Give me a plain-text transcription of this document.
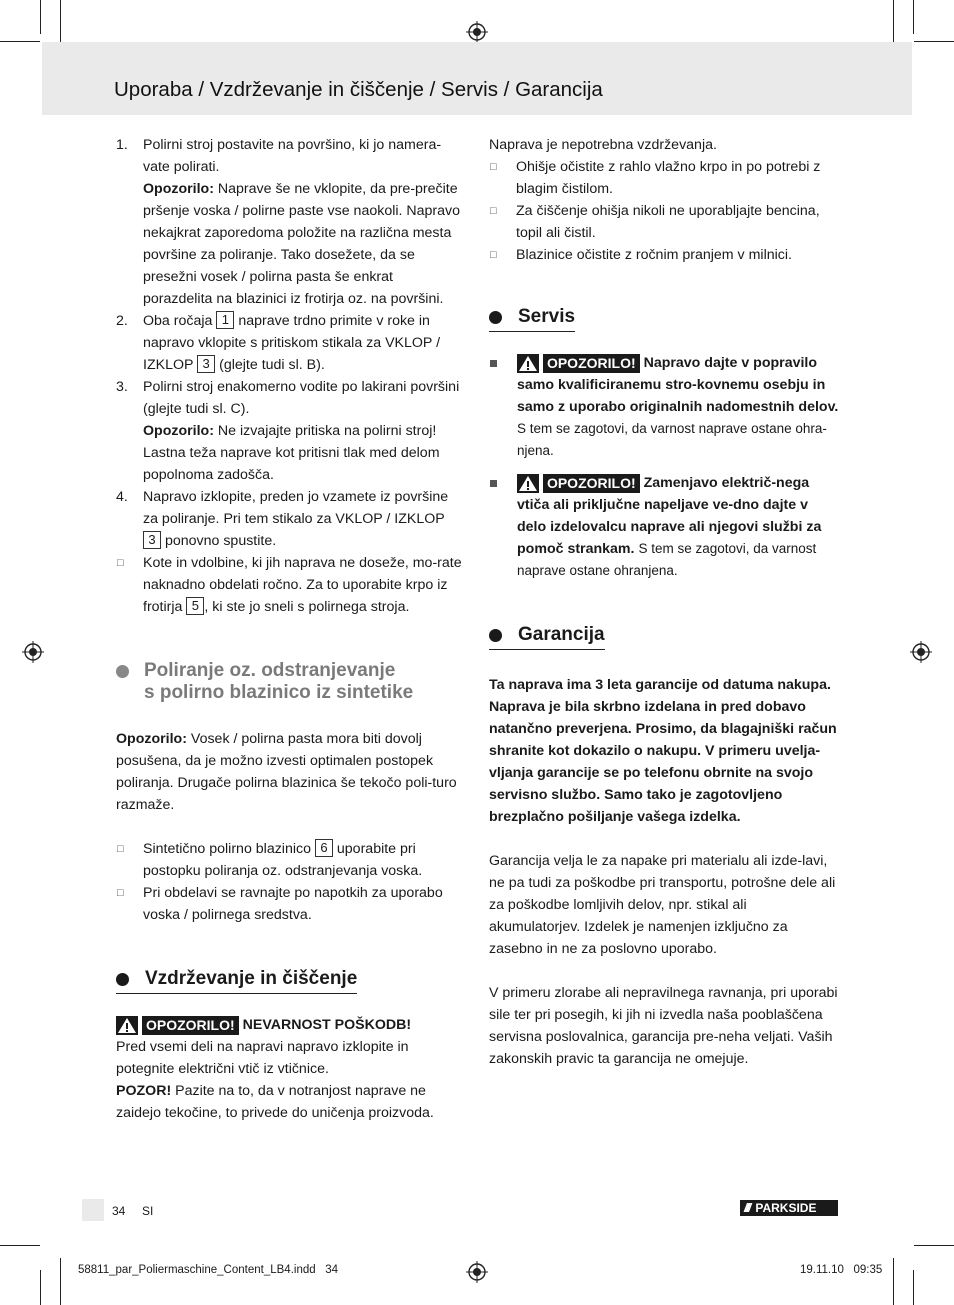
Uporaba / Vzdrževanje in čiščenje / Servis / Garancija
1. Polirni stroj postavite na površino, ki jo namera-vate polirati.

Opozorilo: Naprave še ne vklopite, da pre-prečite pršenje voska / polirne paste vse naokoli. Napravo nekajkrat zaporedoma položite na različna mesta površine za poliranje. Tako dosežete, da se presežni vosek / polirna pasta še enkrat porazdelita na blazinici iz frotirja oz. na površini.

2. Oba ročaja 1 naprave trdno primite v roke in napravo vklopite s pritiskom stikala za VKLOP / IZKLOP 3 (glejte tudi sl. B).

3. Polirni stroj enakomerno vodite po lakirani površini (glejte tudi sl. C).

Opozorilo: Ne izvajajte pritiska na polirni stroj! Lastna teža naprave kot pritisni tlak med delom popolnoma zadošča.

4. Napravo izklopite, preden jo vzamete iz površine za poliranje. Pri tem stikalo za VKLOP / IZKLOP 3 ponovno spustite.

□ Kote in vdolbine, ki jih naprava ne doseže, mo-rate naknadno obdelati ročno. Za to uporabite krpo iz frotirja 5 , ki ste jo sneli s polirnega stroja.

Poliranje oz. odstranjevanje
s polirno blazinico iz sintetike

Opozorilo: Vosek / polirna pasta mora biti dovolj posušena, da je možno izvesti optimalen postopek poliranja. Drugače polirna blazinica še tekočo poli-turo razmaže.

□ Sintetično polirno blazinico 6 uporabite pri postopku poliranja oz. odstranjevanja voska.

□ Pri obdelavi se ravnajte po napotkih za uporabo voska / polirnega sredstva.

Vzdrževanje in čiščenje
OPOZORILO! NEVARNOST POŠKODB!

Pred vsemi deli na napravi napravo izklopite in potegnite električni vtič iz vtičnice.

POZOR! Pazite na to, da v notranjost naprave ne zaidejo tekočine, to privede do uničenja proizvoda.

Naprava je nepotrebna vzdrževanja.

□ Ohišje očistite z rahlo vlažno krpo in po potrebi z blagim čistilom.

□ Za čiščenje ohišja nikoli ne uporabljajte bencina, topil ali čistil.

□ Blazinice očistite z ročnim pranjem v milnici.

Servis

OPOZORILO! Napravo dajte v popravilo samo kvalificiranemu stro-kovnemu osebju in samo z uporabo originalnih nadomestnih delov. S tem se zagotovi, da varnost naprave ostane ohra-njena.

OPOZORILO! Zamenjavo električ-nega vtiča ali priključne napeljave ve-dno dajte v delo izdelovalcu naprave ali njegovi službi za pomoč strankam. S tem se zagotovi, da varnost naprave ostane ohranjena.

Garancija

Ta naprava ima 3 leta garancije od datuma nakupa. Naprava je bila skrbno izdelana in pred dobavo natančno preverjena. Prosimo, da blagajniški račun shranite kot dokazilo o nakupu. V primeru uvelja-vljanja garancije se po telefonu obrnite na svojo servisno službo. Samo tako je zagotovljeno brezplačno pošiljanje vašega izdelka.

Garancija velja le za napake pri materialu ali izde-lavi, ne pa tudi za poškodbe pri transportu, potrošne dele ali za poškodbe lomljivih delov, npr. stikal ali akumulatorjev. Izdelek je namenjen izključno za zasebno in ne za poslovno uporabo.

V primeru zlorabe ali nepravilnega ravnanja, pri uporabi sile ter pri posegih, ki jih ni izvedla naša pooblaščena servisna poslovalnica, garancija pre-neha veljati. Vaših zakonskih pravic ta garancija ne omejuje.

34 SI	//// PARKSIDE
58811_par_Poliermaschine_Content_LB4.indd   34	19.11.10   09:35
